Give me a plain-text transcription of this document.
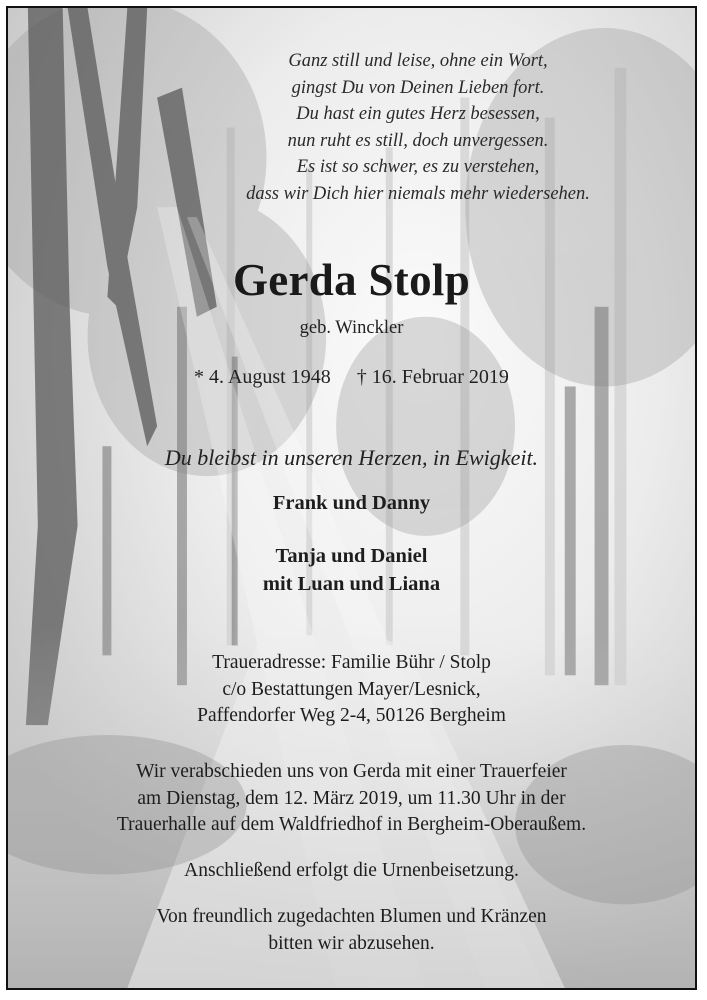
Ganz still und leise, ohne ein Wort,
gingst Du von Deinen Lieben fort.
Du hast ein gutes Herz besessen,
nun ruht es still, doch unvergessen.
Es ist so schwer, es zu verstehen,
dass wir Dich hier niemals mehr wiedersehen.
Gerda Stolp
geb. Winckler
* 4. August 1948 † 16. Februar 2019
Du bleibst in unseren Herzen, in Ewigkeit.
Frank und Danny
Tanja und Daniel
mit Luan und Liana
Traueradresse: Familie Bühr / Stolp
c/o Bestattungen Mayer/Lesnick,
Paffendorfer Weg 2-4, 50126 Bergheim
Wir verabschieden uns von Gerda mit einer Trauerfeier
am Dienstag, dem 12. März 2019, um 11.30 Uhr in der
Trauerhalle auf dem Waldfriedhof in Bergheim-Oberaußem.
Anschließend erfolgt die Urnenbeisetzung.
Von freundlich zugedachten Blumen und Kränzen
bitten wir abzusehen.
